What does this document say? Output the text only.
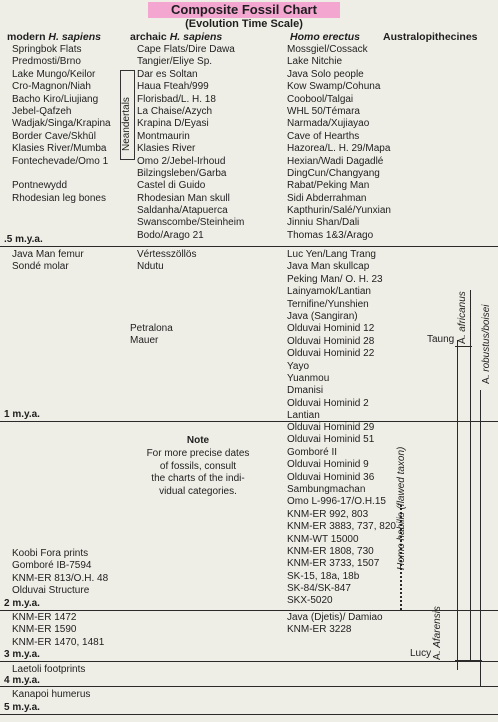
Composite Fossil Chart
(Evolution Time Scale)
modern H. sapiens	archaic H. sapiens	Homo erectus Australopithecines
Neandertals
Springbok Flats
Predmosti/Brno
Lake Mungo/Keilor
Cro-Magnon/Niah
Bacho Kiro/Liujiang
Jebel-Qafzeh
Wadjak/Singa/Krapina
Border Cave/Skhūl
Klasies River/Mumba
Fontechevade/Omo 1
Pontnewydd
Rhodesian leg bones
Java Man femur
Sondé molar
Koobi Fora prints
Gomboré IB-7594
KNM-ER 813/O.H. 48
Olduvai Structure
KNM-ER 1472
KNM-ER 1590
KNM-ER 1470, 1481
Laetoli footprints
Kanapoi humerus
Cape Flats/Dire Dawa
Tangier/Eliye Sp.
Dar es Soltan
Haua Fteah/999
Florisbad/L. H. 18
La Chaise/Azych
Krapina D/Eyasi
Montmaurin
Klasies River
Omo 2/Jebel-Irhoud
Bilzingsleben/Garba
Castel di Guido
Rhodesian Man skull
Saldanha/Atapuerca
Swanscombe/Steinheim
Bodo/Arago 21
Vértesszöllös
Ndutu
Petralona
Mauer
Mossgiel/Cossack
Lake Nitchie
Java Solo people
Kow Swamp/Cohuna
Coobool/Talgai
WHL 50/Témara
Narmada/Xujiayao
Cave of Hearths
Hazorea/L. H. 29/Mapa
Hexian/Wadi Dagadlé
DingCun/Changyang
Rabat/Peking Man
Sidi Abderrahman
Kapthurin/Salé/Yunxian
Jinniu Shan/Dali
Thomas 1&3/Arago
Luc Yen/Lang Trang
Java Man skullcap
Peking Man/ O. H. 23
Lainyamok/Lantian
Ternifine/Yunshien
Java (Sangiran)
Olduvai Hominid 12
Olduvai Hominid 28
Olduvai Hominid 22
Yayo
Yuanmou
Dmanisi
Olduvai Hominid 2
Lantian
Olduvai Hominid 29
Olduvai Hominid 51
Gomboré II
Olduvai Hominid 9
Olduvai Hominid 36
Sambungmachan
Omo L-996-17/O.H.15
KNM-ER 992, 803
KNM-ER 3883, 737, 820
KNM-WT 15000
KNM-ER 1808, 730
KNM-ER 3733, 1507
SK-15, 18a, 18b
SK-84/SK-847
SKX-5020
Java (Djetis)/ Damiao
KNM-ER 3228
Note
For more precise dates
of fossils, consult
the charts of the indi-
vidual categories.
.5 m.y.a.
1 m.y.a.
2 m.y.a.
3 m.y.a.
4 m.y.a.
5 m.y.a.
Taung
Lucy
A. africanus
A. robustus/boisei
A. Afarensis
Homo habilis (flawed taxon)
